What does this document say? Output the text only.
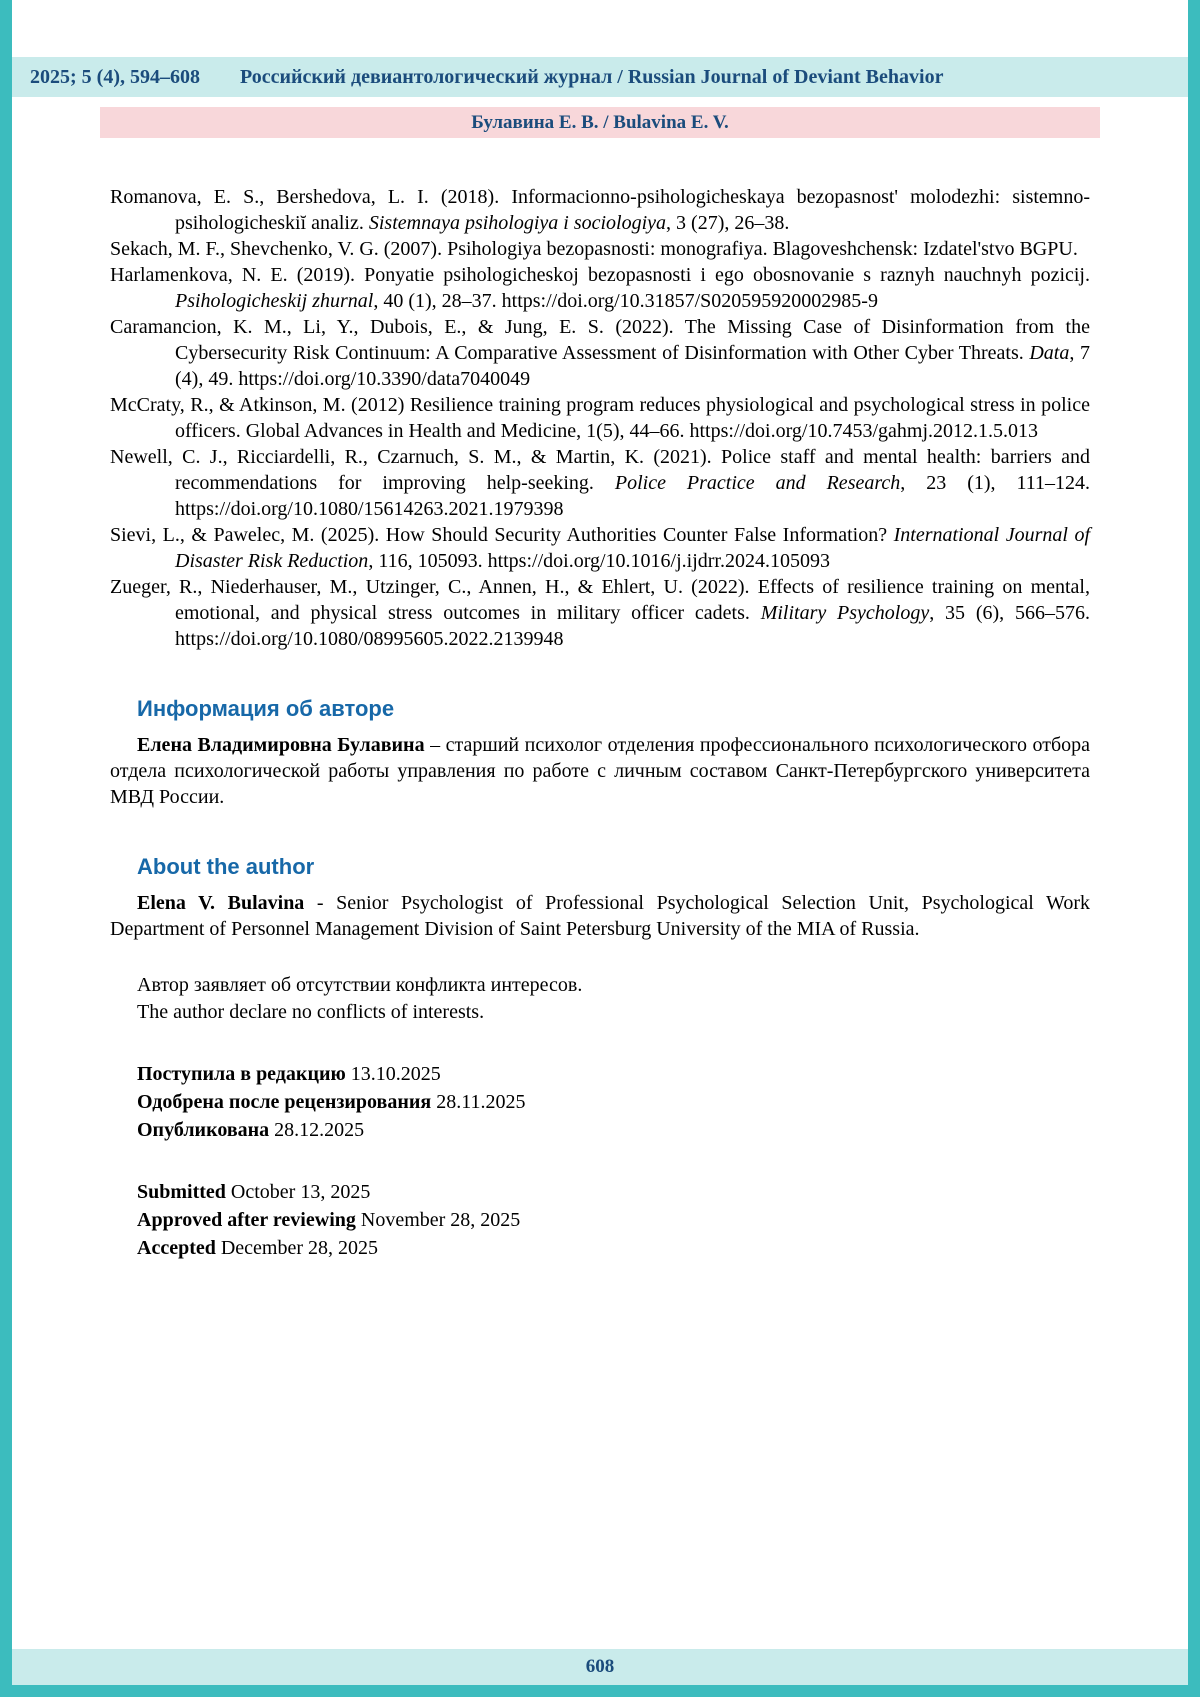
2025; 5 (4), 594–608 Российский девиантологический журнал / Russian Journal of Deviant Behavior
Булавина Е. В. / Bulavina E. V.
Romanova, E. S., Bershedova, L. I. (2018). Informacionno-psihologicheskaya bezopasnost' molodezhi: sistemno-psihologicheskiĭ analiz. Sistemnaya psihologiya i sociologiya, 3 (27), 26–38.
Sekach, M. F., Shevchenko, V. G. (2007). Psihologiya bezopasnosti: monografiya. Blagoveshchensk: Izdatel'stvo BGPU.
Harlamenkova, N. E. (2019). Ponyatie psihologicheskoj bezopasnosti i ego obosnovanie s raznyh nauchnyh pozicij. Psihologicheskij zhurnal, 40 (1), 28–37. https://doi.org/10.31857/S020595920002985-9
Caramancion, K. M., Li, Y., Dubois, E., & Jung, E. S. (2022). The Missing Case of Disinformation from the Cybersecurity Risk Continuum: A Comparative Assessment of Disinformation with Other Cyber Threats. Data, 7 (4), 49. https://doi.org/10.3390/data7040049
McCraty, R., & Atkinson, M. (2012) Resilience training program reduces physiological and psychological stress in police officers. Global Advances in Health and Medicine, 1(5), 44–66. https://doi.org/10.7453/gahmj.2012.1.5.013
Newell, C. J., Ricciardelli, R., Czarnuch, S. M., & Martin, K. (2021). Police staff and mental health: barriers and recommendations for improving help-seeking. Police Practice and Research, 23 (1), 111–124. https://doi.org/10.1080/15614263.2021.1979398
Sievi, L., & Pawelec, M. (2025). How Should Security Authorities Counter False Information? International Journal of Disaster Risk Reduction, 116, 105093. https://doi.org/10.1016/j.ijdrr.2024.105093
Zueger, R., Niederhauser, M., Utzinger, C., Annen, H., & Ehlert, U. (2022). Effects of resilience training on mental, emotional, and physical stress outcomes in military officer cadets. Military Psychology, 35 (6), 566–576. https://doi.org/10.1080/08995605.2022.2139948
Информация об авторе

Елена Владимировна Булавина – старший психолог отделения профессионального психологического отбора отдела психологической работы управления по работе с личным составом Санкт-Петербургского университета МВД России.

About the author

Elena V. Bulavina - Senior Psychologist of Professional Psychological Selection Unit, Psychological Work Department of Personnel Management Division of Saint Petersburg University of the MIA of Russia.

Автор заявляет об отсутствии конфликта интересов.
The author declare no conflicts of interests.
Поступила в редакцию 13.10.2025
Одобрена после рецензирования 28.11.2025
Опубликована 28.12.2025
Submitted October 13, 2025
Approved after reviewing November 28, 2025
Accepted December 28, 2025
608
